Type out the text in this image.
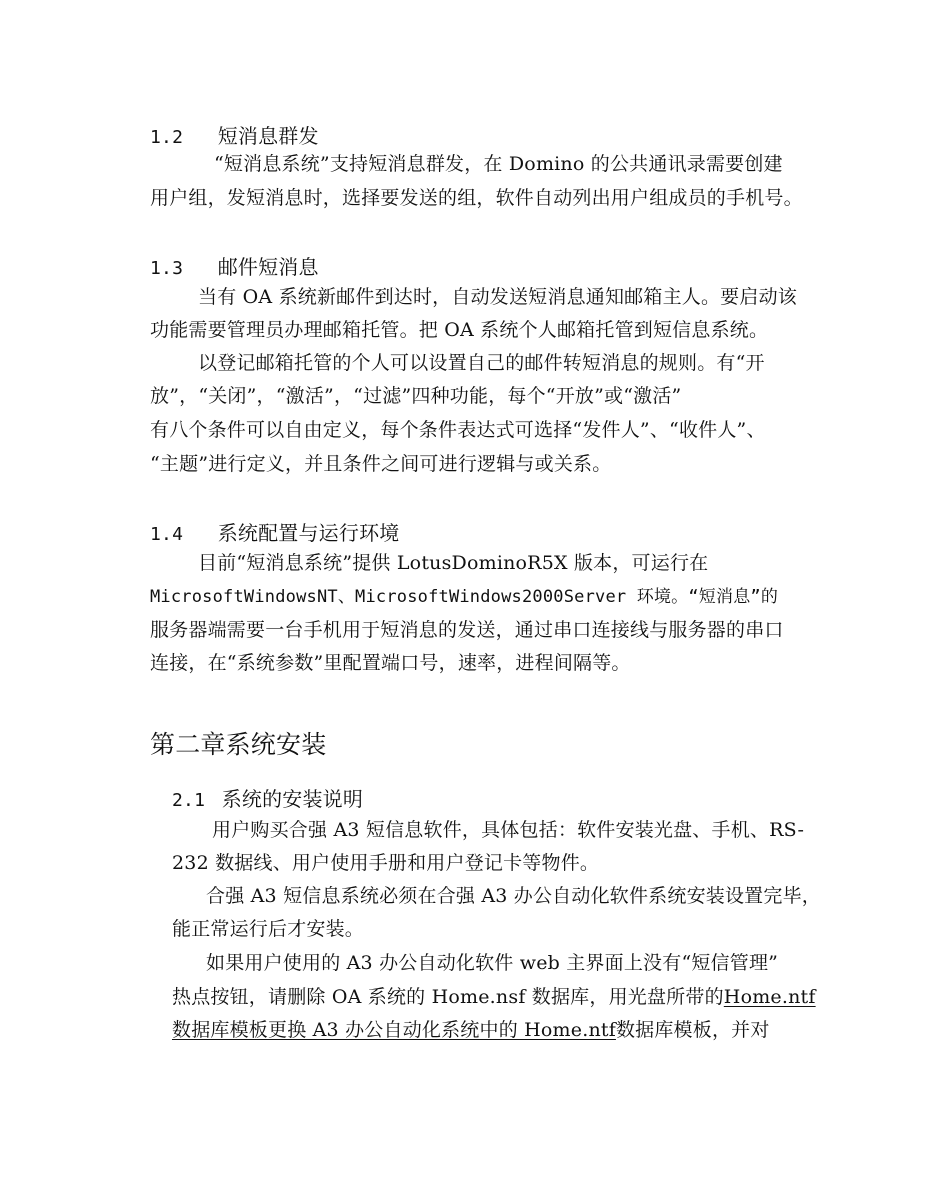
1.2 短消息群发
“短消息系统”支持短消息群发，在 Domino 的公共通讯录需要创建
用户组，发短消息时，选择要发送的组，软件自动列出用户组成员的手机号。
1.3 邮件短消息
当有 OA 系统新邮件到达时，自动发送短消息通知邮箱主人。要启动该
功能需要管理员办理邮箱托管。把 OA 系统个人邮箱托管到短信息系统。
以登记邮箱托管的个人可以设置自己的邮件转短消息的规则。有“开
放”，“关闭”，“激活”，“过滤”四种功能，每个“开放”或“激活”
有八个条件可以自由定义，每个条件表达式可选择“发件人”、“收件人”、
“主题”进行定义，并且条件之间可进行逻辑与或关系。
1.4 系统配置与运行环境
目前“短消息系统”提供 LotusDominoR5X 版本，可运行在
MicrosoftWindowsNT、MicrosoftWindows2000Server 环境。“短消息”的
服务器端需要一台手机用于短消息的发送，通过串口连接线与服务器的串口
连接，在“系统参数”里配置端口号，速率，进程间隔等。
第二章系统安装
2.1 系统的安装说明
用户购买合强 A3 短信息软件，具体包括：软件安装光盘、手机、RS-
232 数据线、用户使用手册和用户登记卡等物件。
合强 A3 短信息系统必须在合强 A3 办公自动化软件系统安装设置完毕，
能正常运行后才安装。
如果用户使用的 A3 办公自动化软件 web 主界面上没有“短信管理”
热点按钮，请删除 OA 系统的 Home.nsf 数据库，用光盘所带的Home.ntf
数据库模板更换 A3 办公自动化系统中的 Home.ntf数据库模板，并对
